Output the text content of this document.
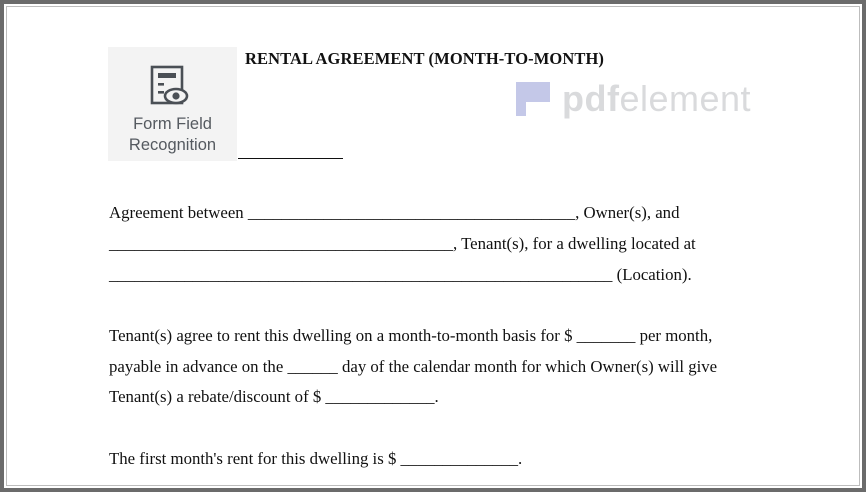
RENTAL AGREEMENT (MONTH-TO-MONTH)
Form Field
Recognition
pdfelement
Agreement between _______________________________________, Owner(s), and
_________________________________________, Tenant(s), for a dwelling located at
____________________________________________________________ (Location).
Tenant(s) agree to rent this dwelling on a month-to-month basis for $ _______ per month,
payable in advance on the ______ day of the calendar month for which Owner(s) will give
Tenant(s) a rebate/discount of $ _____________.
The first month's rent for this dwelling is $ ______________.
